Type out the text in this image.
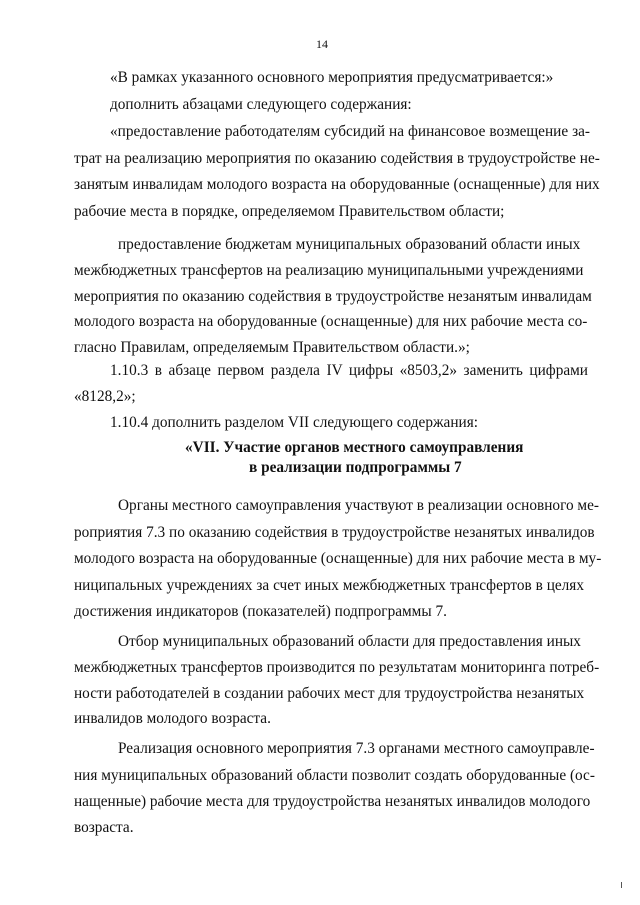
14
«В рамках указанного основного мероприятия предусматривается:»
дополнить абзацами следующего содержания:
«предоставление работодателям субсидий на финансовое возмещение за-
трат на реализацию мероприятия по оказанию содействия в трудоустройстве не-
занятым инвалидам молодого возраста на оборудованные (оснащенные) для них
рабочие места в порядке, определяемом Правительством области;
предоставление бюджетам муниципальных образований области иных
межбюджетных трансфертов на реализацию муниципальными учреждениями
мероприятия по оказанию содействия в трудоустройстве незанятым инвалидам
молодого возраста на оборудованные (оснащенные) для них рабочие места со-
гласно Правилам, определяемым Правительством области.»;
1.10.3 в абзаце первом раздела IV цифры «8503,2» заменить цифрами
«8128,2»;
1.10.4 дополнить разделом VII следующего содержания:
«VII. Участие органов местного самоуправления
в реализации подпрограммы 7
Органы местного самоуправления участвуют в реализации основного ме-
роприятия 7.3 по оказанию содействия в трудоустройстве незанятых инвалидов
молодого возраста на оборудованные (оснащенные) для них рабочие места в му-
ниципальных учреждениях за счет иных межбюджетных трансфертов в целях
достижения индикаторов (показателей) подпрограммы 7.
Отбор муниципальных образований области для предоставления иных
межбюджетных трансфертов производится по результатам мониторинга потреб-
ности работодателей в создании рабочих мест для трудоустройства незанятых
инвалидов молодого возраста.
Реализация основного мероприятия 7.3 органами местного самоуправле-
ния муниципальных образований области позволит создать оборудованные (ос-
нащенные) рабочие места для трудоустройства незанятых инвалидов молодого
возраста.
